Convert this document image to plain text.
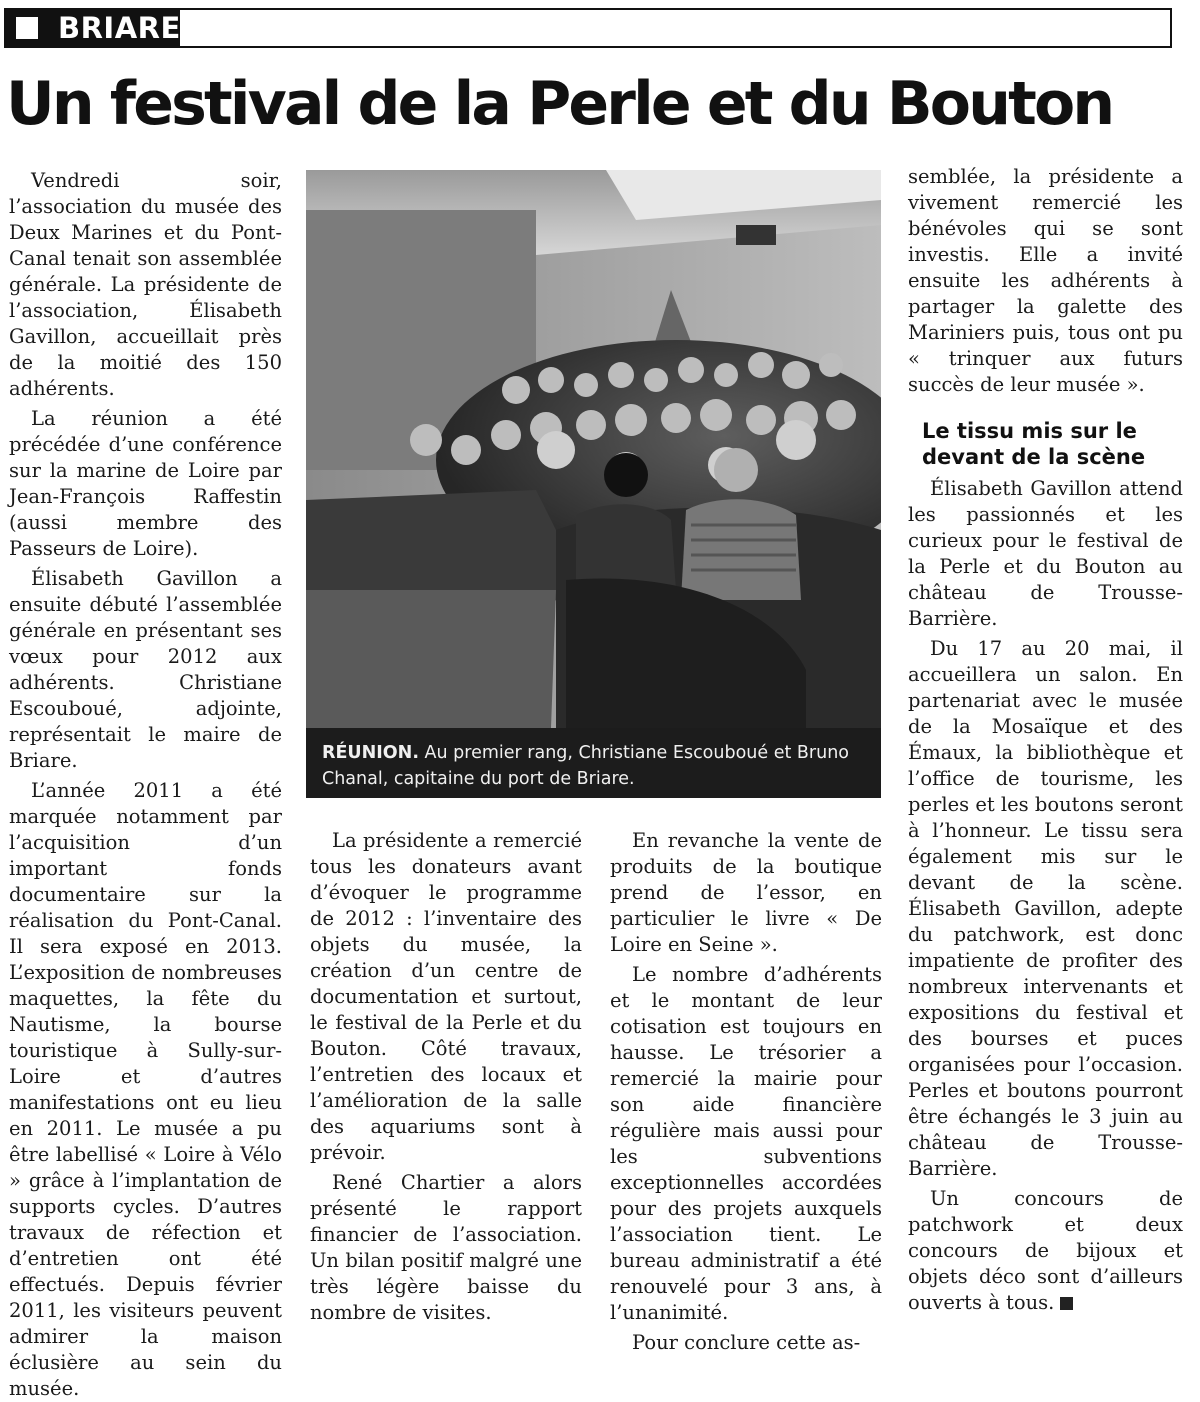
BRIARE
Un festival de la Perle et du Bouton

Vendredi soir, l’association du musée des Deux Marines et du Pont-Canal tenait son assemblée générale. La présidente de l’association, Élisabeth Gavillon, accueillait près de la moitié des 150 adhérents.

La réunion a été précédée d’une conférence sur la marine de Loire par Jean-François Raffestin (aussi membre des Passeurs de Loire).

Élisabeth Gavillon a ensuite débuté l’assemblée générale en présentant ses vœux pour 2012 aux adhérents. Christiane Escouboué, adjointe, représentait le maire de Briare.

L’année 2011 a été marquée notamment par l’acquisition d’un important fonds documentaire sur la réalisation du Pont-Canal. Il sera exposé en 2013. L’exposition de nombreuses maquettes, la fête du Nautisme, la bourse touristique à Sully-sur-Loire et d’autres manifestations ont eu lieu en 2011. Le musée a pu être labellisé « Loire à Vélo » grâce à l’implantation de supports cycles. D’autres travaux de réfection et d’entretien ont été effectués. Depuis février 2011, les visiteurs peuvent admirer la maison éclusière au sein du musée.

RÉUNION. Au premier rang, Christiane Escouboué et Bruno Chanal, capitaine du port de Briare.

La présidente a remercié tous les donateurs avant d’évoquer le programme de 2012 : l’inventaire des objets du musée, la création d’un centre de documentation et surtout, le festival de la Perle et du Bouton. Côté travaux, l’entretien des locaux et l’amélioration de la salle des aquariums sont à prévoir.

René Chartier a alors présenté le rapport financier de l’association. Un bilan positif malgré une très légère baisse du nombre de visites.

En revanche la vente de produits de la boutique prend de l’essor, en particulier le livre « De Loire en Seine ».

Le nombre d’adhérents et le montant de leur cotisation est toujours en hausse. Le trésorier a remercié la mairie pour son aide financière régulière mais aussi pour les subventions exceptionnelles accordées pour des projets auxquels l’association tient. Le bureau administratif a été renouvelé pour 3 ans, à l’unanimité.

Pour conclure cette as-

semblée, la présidente a vivement remercié les bénévoles qui se sont investis. Elle a invité ensuite les adhérents à partager la galette des Mariniers puis, tous ont pu « trinquer aux futurs succès de leur musée ».

Le tissu mis sur le devant de la scène

Élisabeth Gavillon attend les passionnés et les curieux pour le festival de la Perle et du Bouton au château de Trousse-Barrière.

Du 17 au 20 mai, il accueillera un salon. En partenariat avec le musée de la Mosaïque et des Émaux, la bibliothèque et l’office de tourisme, les perles et les boutons seront à l’honneur. Le tissu sera également mis sur le devant de la scène. Élisabeth Gavillon, adepte du patchwork, est donc impatiente de profiter des nombreux intervenants et expositions du festival et des bourses et puces organisées pour l’occasion. Perles et boutons pourront être échangés le 3 juin au château de Trousse-Barrière.

Un concours de patchwork et deux concours de bijoux et objets déco sont d’ailleurs ouverts à tous.
